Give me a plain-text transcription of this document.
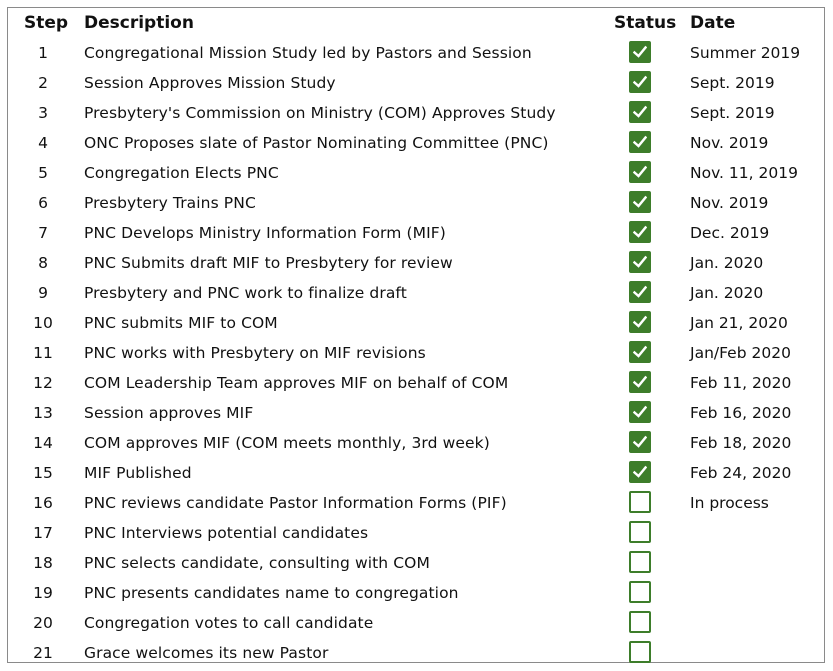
Step Description	Status Date
1	Congregational Mission Study led by Pastors and Session	Summer 2019
2	Session Approves Mission Study	Sept. 2019
3	Presbytery's Commission on Ministry (COM) Approves Study	Sept. 2019
4	ONC Proposes slate of Pastor Nominating Committee (PNC)	Nov. 2019
5	Congregation Elects PNC	Nov. 11, 2019
6	Presbytery Trains PNC	Nov. 2019
7	PNC Develops Ministry Information Form (MIF)	Dec. 2019
8	PNC Submits draft MIF to Presbytery for review	Jan. 2020
9	Presbytery and PNC work to finalize draft	Jan. 2020
10	PNC submits MIF to COM	Jan 21, 2020
11	PNC works with Presbytery on MIF revisions	Jan/Feb 2020
12	COM Leadership Team approves MIF on behalf of COM	Feb 11, 2020
13	Session approves MIF	Feb 16, 2020
14	COM approves MIF (COM meets monthly, 3rd week)	Feb 18, 2020
15	MIF Published	Feb 24, 2020
16	PNC reviews candidate Pastor Information Forms (PIF)	In process
17	PNC Interviews potential candidates
18	PNC selects candidate, consulting with COM
19	PNC presents candidates name to congregation
20	Congregation votes to call candidate
21	Grace welcomes its new Pastor
